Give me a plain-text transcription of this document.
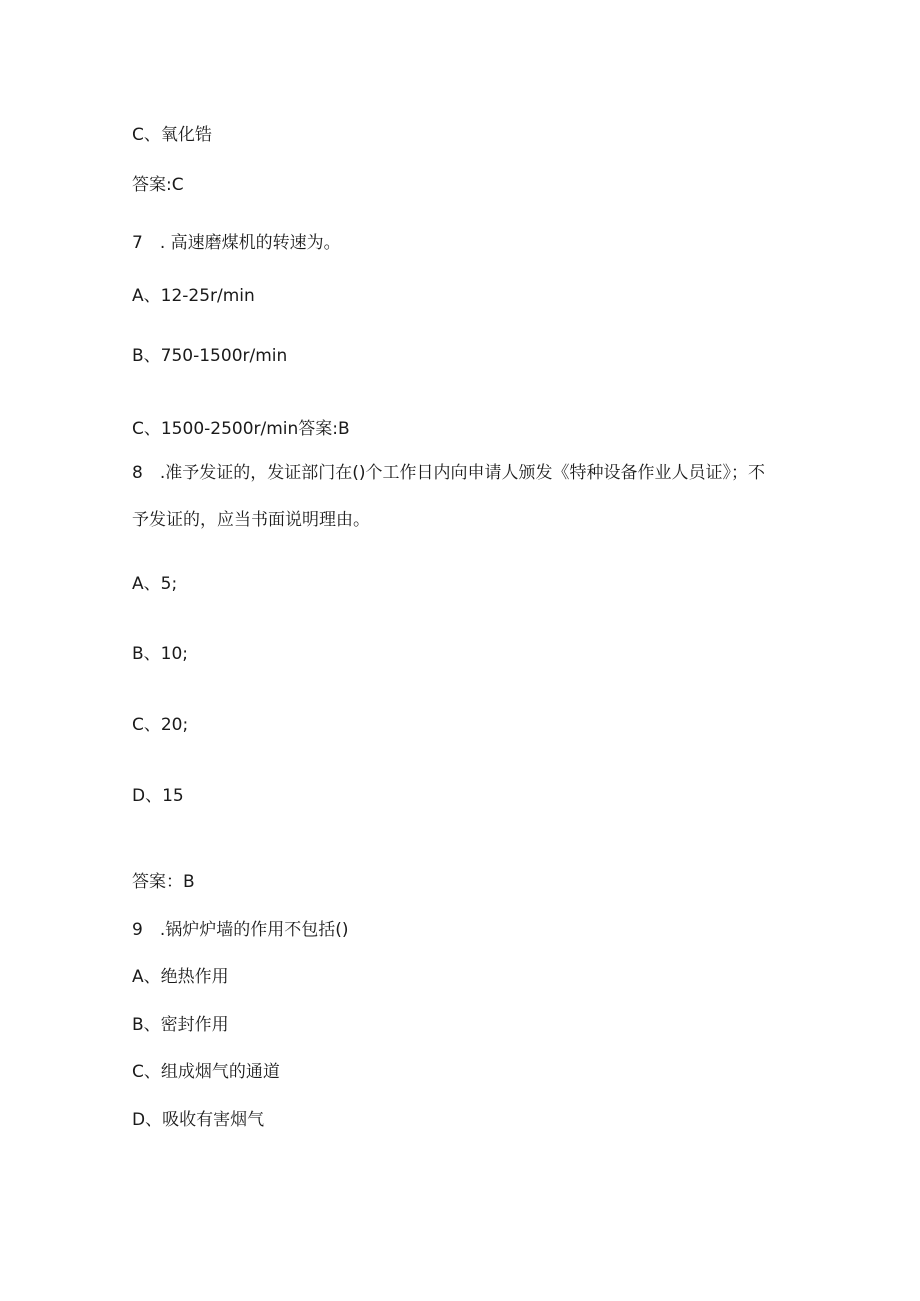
C、氧化锆
答案:C
7　. 高速磨煤机的转速为。
A、12-25r/min
B、750-1500r/min
C、1500-2500r/min答案:B
8　.准予发证的，发证部门在()个工作日内向申请人颁发《特种设备作业人员证》；不
予发证的，应当书面说明理由。
A、5;
B、10;
C、20;
D、15
答案：B
9　.锅炉炉墙的作用不包括()
A、绝热作用
B、密封作用
C、组成烟气的通道
D、吸收有害烟气
